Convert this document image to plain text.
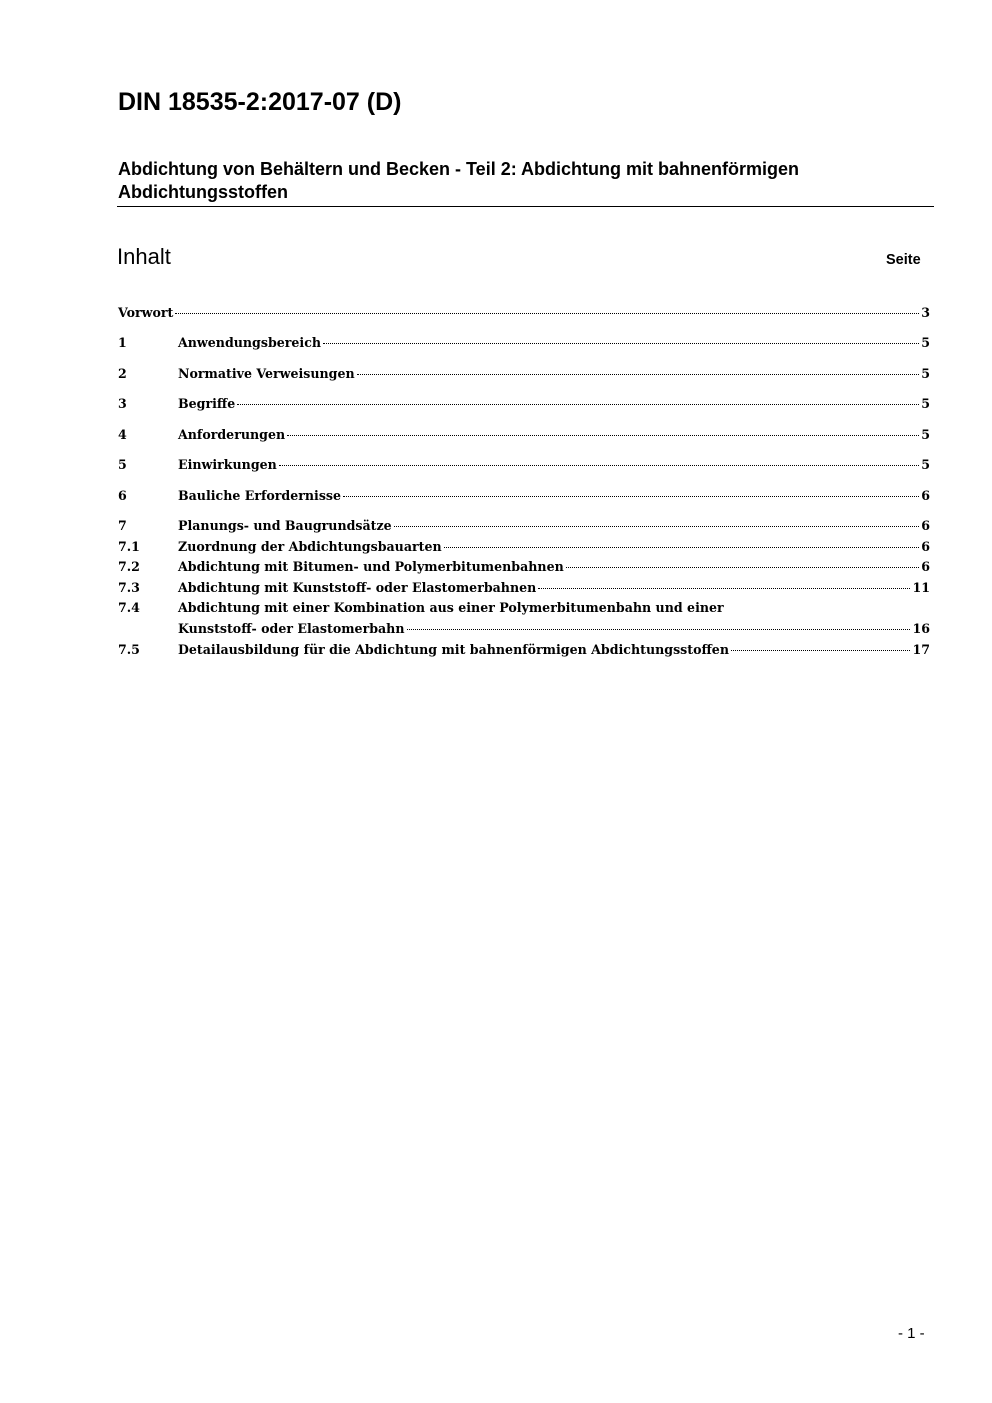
DIN 18535-2:2017-07 (D)
Abdichtung von Behältern und Becken - Teil 2: Abdichtung mit bahnenförmigen Abdichtungsstoffen
Inhalt	Seite
Vorwort	3
1	Anwendungsbereich	5
2	Normative Verweisungen	5
3	Begriffe	5
4	Anforderungen	5
5	Einwirkungen	5
6	Bauliche Erfordernisse	6
7	Planungs- und Baugrundsätze	6
7.1	Zuordnung der Abdichtungsbauarten	6
7.2	Abdichtung mit Bitumen- und Polymerbitumenbahnen	6
7.3	Abdichtung mit Kunststoff- oder Elastomerbahnen	11
7.4	Abdichtung mit einer Kombination aus einer Polymerbitumenbahn und einer
Kunststoff- oder Elastomerbahn	16
7.5	Detailausbildung für die Abdichtung mit bahnenförmigen Abdichtungsstoffen	17
- 1 -
